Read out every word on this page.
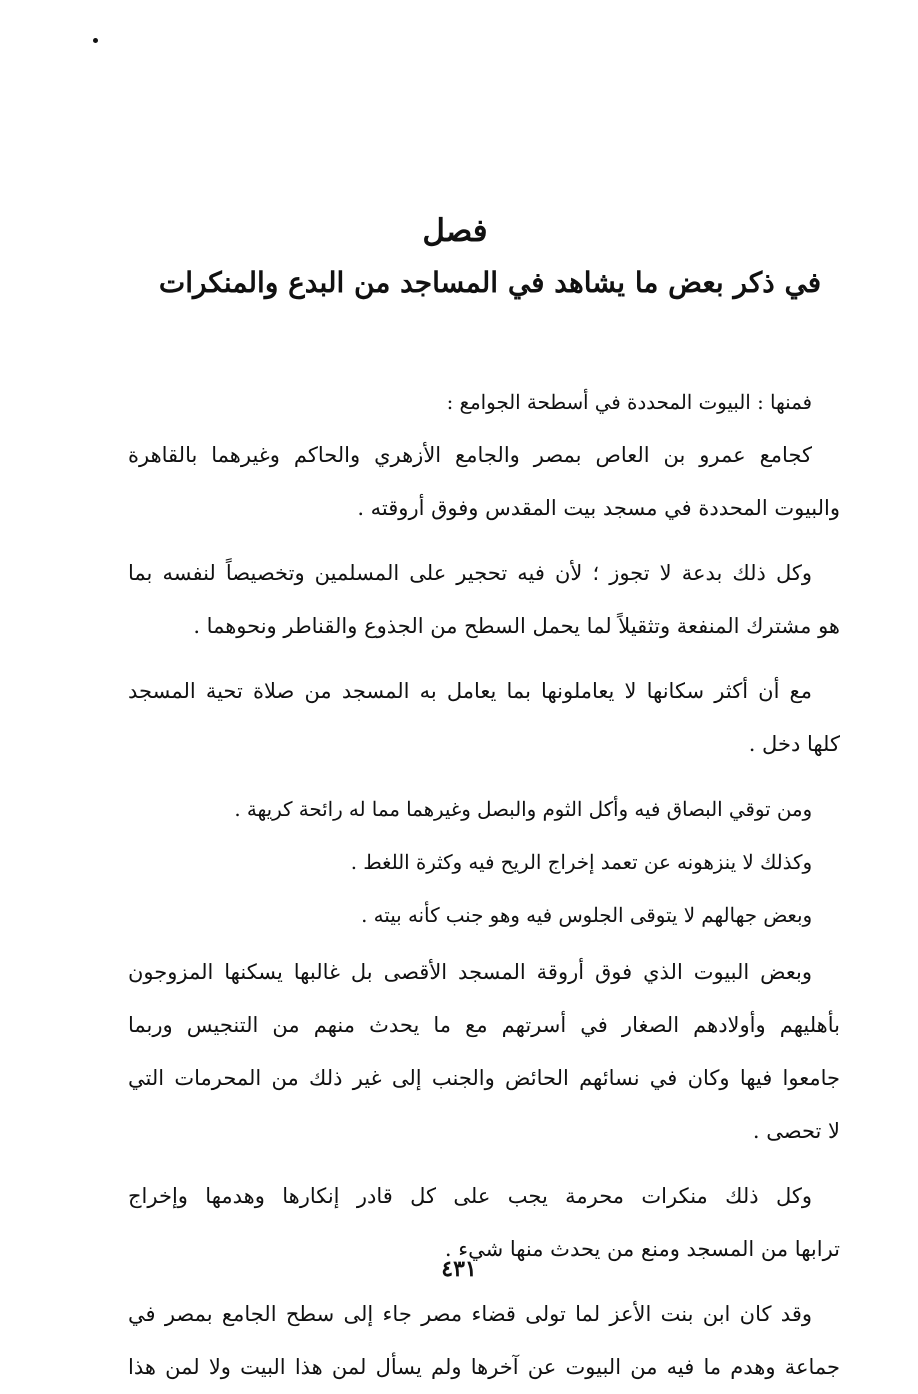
فصل
في ذكر بعض ما يشاهد في المساجد من البدع والمنكرات
فمنها : البيوت المحددة في أسطحة الجوامع :
كجامع عمرو بن العاص بمصر والجامع الأزهري والحاكم وغيرهما بالقاهرة
والبيوت المحددة في مسجد بيت المقدس وفوق أروقته .
وكل ذلك بدعة لا تجوز ؛ لأن فيه تحجير على المسلمين وتخصيصاً لنفسه بما
هو مشترك المنفعة وتثقيلاً لما يحمل السطح من الجذوع والقناطر ونحوهما .
مع أن أكثر سكانها لا يعاملونها بما يعامل به المسجد من صلاة تحية المسجد
كلها دخل .
ومن توقي البصاق فيه وأكل الثوم والبصل وغيرهما مما له رائحة كريهة .
وكذلك لا ينزهونه عن تعمد إخراج الريح فيه وكثرة اللغط .
وبعض جهالهم لا يتوقى الجلوس فيه وهو جنب كأنه بيته .
وبعض البيوت الذي فوق أروقة المسجد الأقصى بل غالبها يسكنها المزوجون
بأهليهم وأولادهم الصغار في أسرتهم مع ما يحدث منهم من التنجيس وربما
جامعوا فيها وكان في نسائهم الحائض والجنب إلى غير ذلك من المحرمات التي
لا تحصى .
وكل ذلك منكرات محرمة يجب على كل قادر إنكارها وهدمها وإخراج
ترابها من المسجد ومنع من يحدث منها شيء .
وقد كان ابن بنت الأعز لما تولى قضاء مصر جاء إلى سطح الجامع بمصر في
جماعة وهدم ما فيه من البيوت عن آخرها ولم يسأل لمن هذا البيت ولا لمن هذا
٤٣١
